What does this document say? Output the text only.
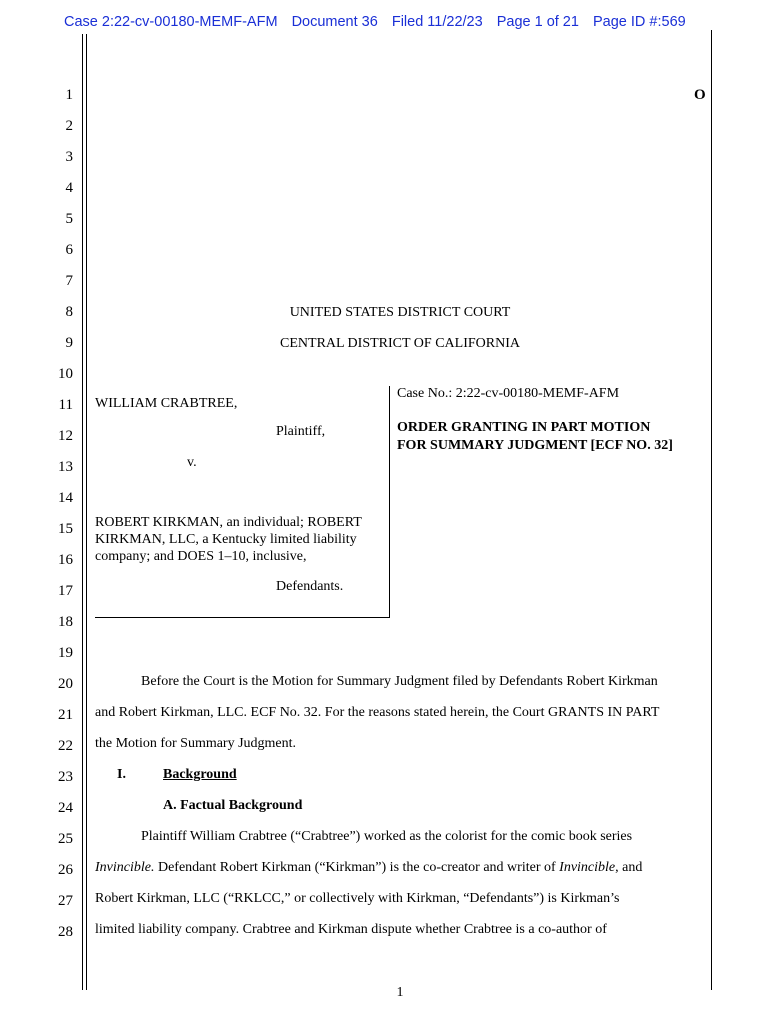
Case 2:22-cv-00180-MEMF-AFM Document 36 Filed 11/22/23 Page 1 of 21 Page ID #:569
O
1
2
3
4
5
6
7
8
9
10
11
12
13
14
15
16
17
18
19
20
21
22
23
24
25
26
27
28
UNITED STATES DISTRICT COURT
CENTRAL DISTRICT OF CALIFORNIA
WILLIAM CRABTREE,
Plaintiff,
v.
ROBERT KIRKMAN, an individual; ROBERT
KIRKMAN, LLC, a Kentucky limited liability
company; and DOES 1–10, inclusive,
Defendants.
Case No.: 2:22-cv-00180-MEMF-AFM
ORDER GRANTING IN PART MOTION
FOR SUMMARY JUDGMENT [ECF NO. 32]
Before the Court is the Motion for Summary Judgment filed by Defendants Robert Kirkman
and Robert Kirkman, LLC. ECF No. 32. For the reasons stated herein, the Court GRANTS IN PART
the Motion for Summary Judgment.
I.	Background
A. Factual Background
Plaintiff William Crabtree (“Crabtree”) worked as the colorist for the comic book series
Invincible. Defendant Robert Kirkman (“Kirkman”) is the co-creator and writer of Invincible, and
Robert Kirkman, LLC (“RKLCC,” or collectively with Kirkman, “Defendants”) is Kirkman’s
limited liability company. Crabtree and Kirkman dispute whether Crabtree is a co-author of
1
